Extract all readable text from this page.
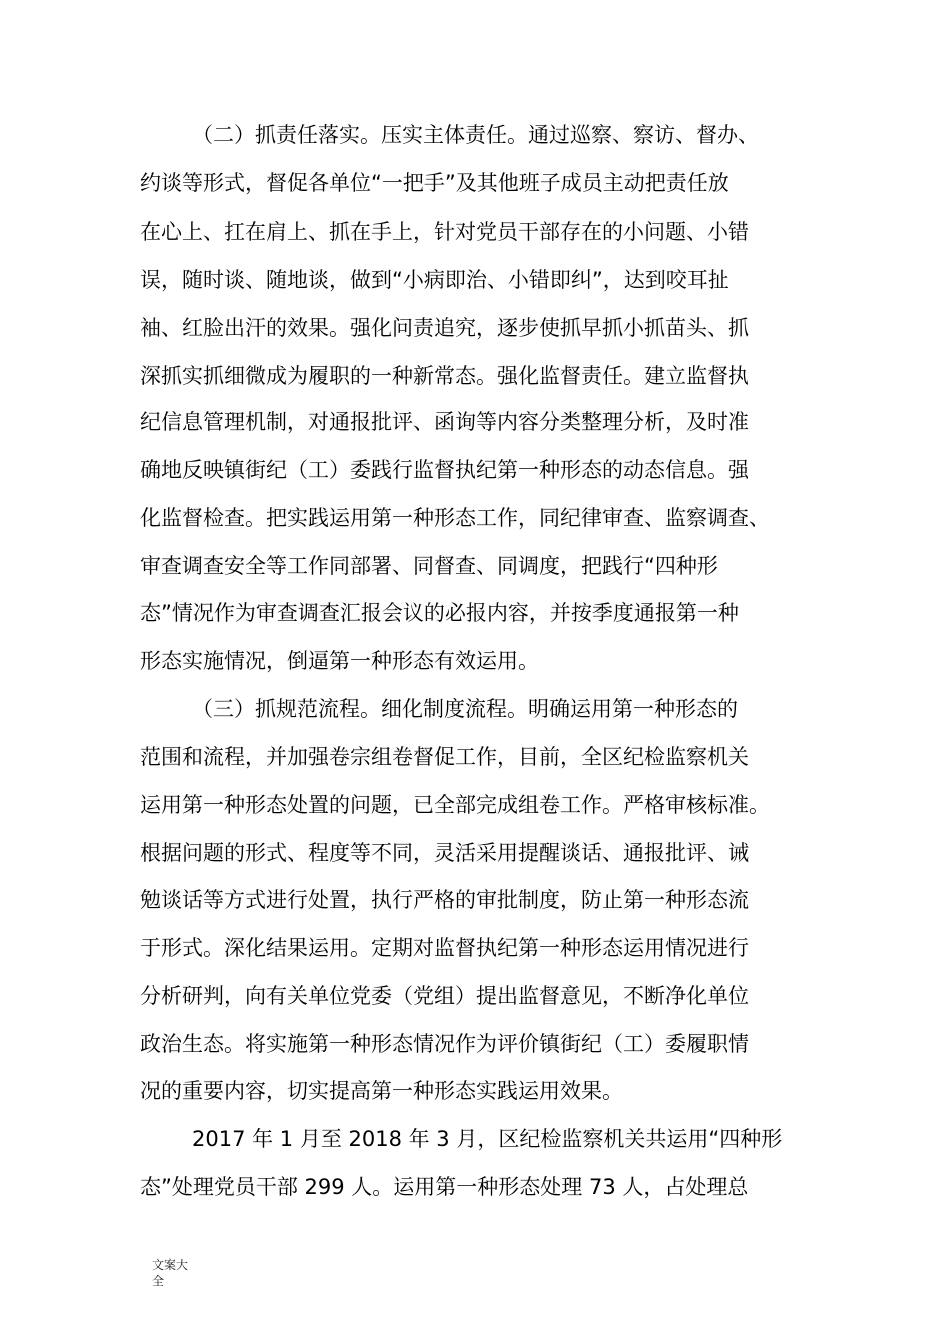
（二）抓责任落实。压实主体责任。通过巡察、察访、督办、
约谈等形式，督促各单位“一把手”及其他班子成员主动把责任放
在心上、扛在肩上、抓在手上，针对党员干部存在的小问题、小错
误，随时谈、随地谈，做到“小病即治、小错即纠”，达到咬耳扯
袖、红脸出汗的效果。强化问责追究，逐步使抓早抓小抓苗头、抓
深抓实抓细微成为履职的一种新常态。强化监督责任。建立监督执
纪信息管理机制，对通报批评、函询等内容分类整理分析，及时准
确地反映镇街纪（工）委践行监督执纪第一种形态的动态信息。强
化监督检查。把实践运用第一种形态工作，同纪律审查、监察调查、
审查调查安全等工作同部署、同督查、同调度，把践行“四种形
态”情况作为审查调查汇报会议的必报内容，并按季度通报第一种
形态实施情况，倒逼第一种形态有效运用。
（三）抓规范流程。细化制度流程。明确运用第一种形态的
范围和流程，并加强卷宗组卷督促工作，目前，全区纪检监察机关
运用第一种形态处置的问题，已全部完成组卷工作。严格审核标准。
根据问题的形式、程度等不同，灵活采用提醒谈话、通报批评、诫
勉谈话等方式进行处置，执行严格的审批制度，防止第一种形态流
于形式。深化结果运用。定期对监督执纪第一种形态运用情况进行
分析研判，向有关单位党委（党组）提出监督意见，不断净化单位
政治生态。将实施第一种形态情况作为评价镇街纪（工）委履职情
况的重要内容，切实提高第一种形态实践运用效果。
2017 年 1 月至 2018 年 3 月，区纪检监察机关共运用“四种形
态”处理党员干部 299 人。运用第一种形态处理 73 人，占处理总
文案大
全
